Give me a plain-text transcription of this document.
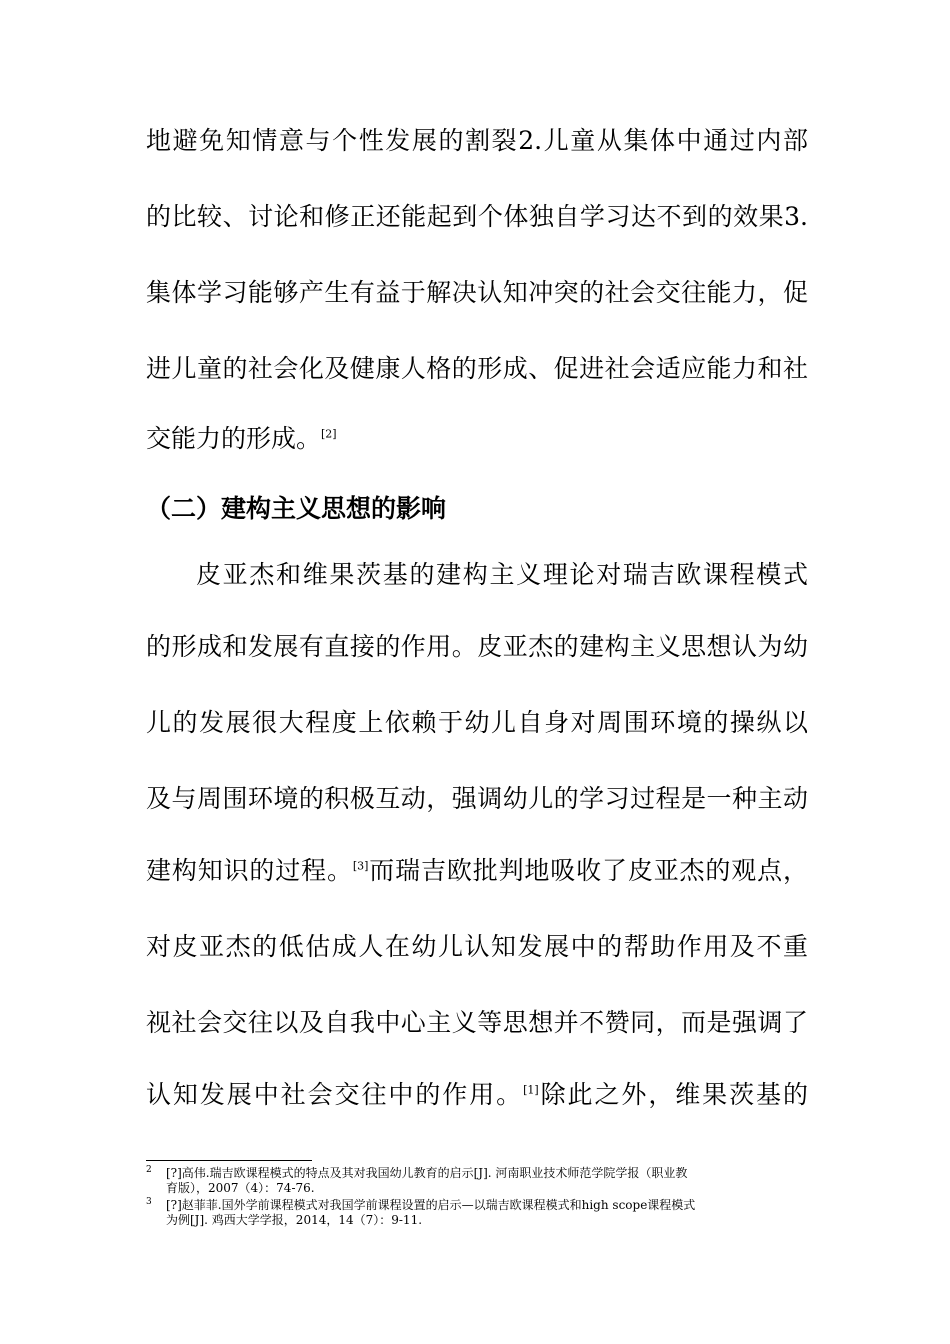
地避免知情意与个性发展的割裂2.儿童从集体中通过内部
的比较、讨论和修正还能起到个体独自学习达不到的效果3.
集体学习能够产生有益于解决认知冲突的社会交往能力，促
进儿童的社会化及健康人格的形成、促进社会适应能力和社
交能力的形成。[2]
（二）建构主义思想的影响
皮亚杰和维果茨基的建构主义理论对瑞吉欧课程模式
的形成和发展有直接的作用。皮亚杰的建构主义思想认为幼
儿的发展很大程度上依赖于幼儿自身对周围环境的操纵以
及与周围环境的积极互动，强调幼儿的学习过程是一种主动
建构知识的过程。[3]而瑞吉欧批判地吸收了皮亚杰的观点，
对皮亚杰的低估成人在幼儿认知发展中的帮助作用及不重
视社会交往以及自我中心主义等思想并不赞同，而是强调了
认知发展中社会交往中的作用。[1]除此之外，维果茨基的
2	[?]高伟.瑞吉欧课程模式的特点及其对我国幼儿教育的启示[J]. 河南职业技术师范学院学报（职业教
育版），2007（4）：74-76.
3	[?]赵菲菲.国外学前课程模式对我国学前课程设置的启示—以瑞吉欧课程模式和high scope课程模式
为例[J]. 鸡西大学学报，2014，14（7）：9-11.
